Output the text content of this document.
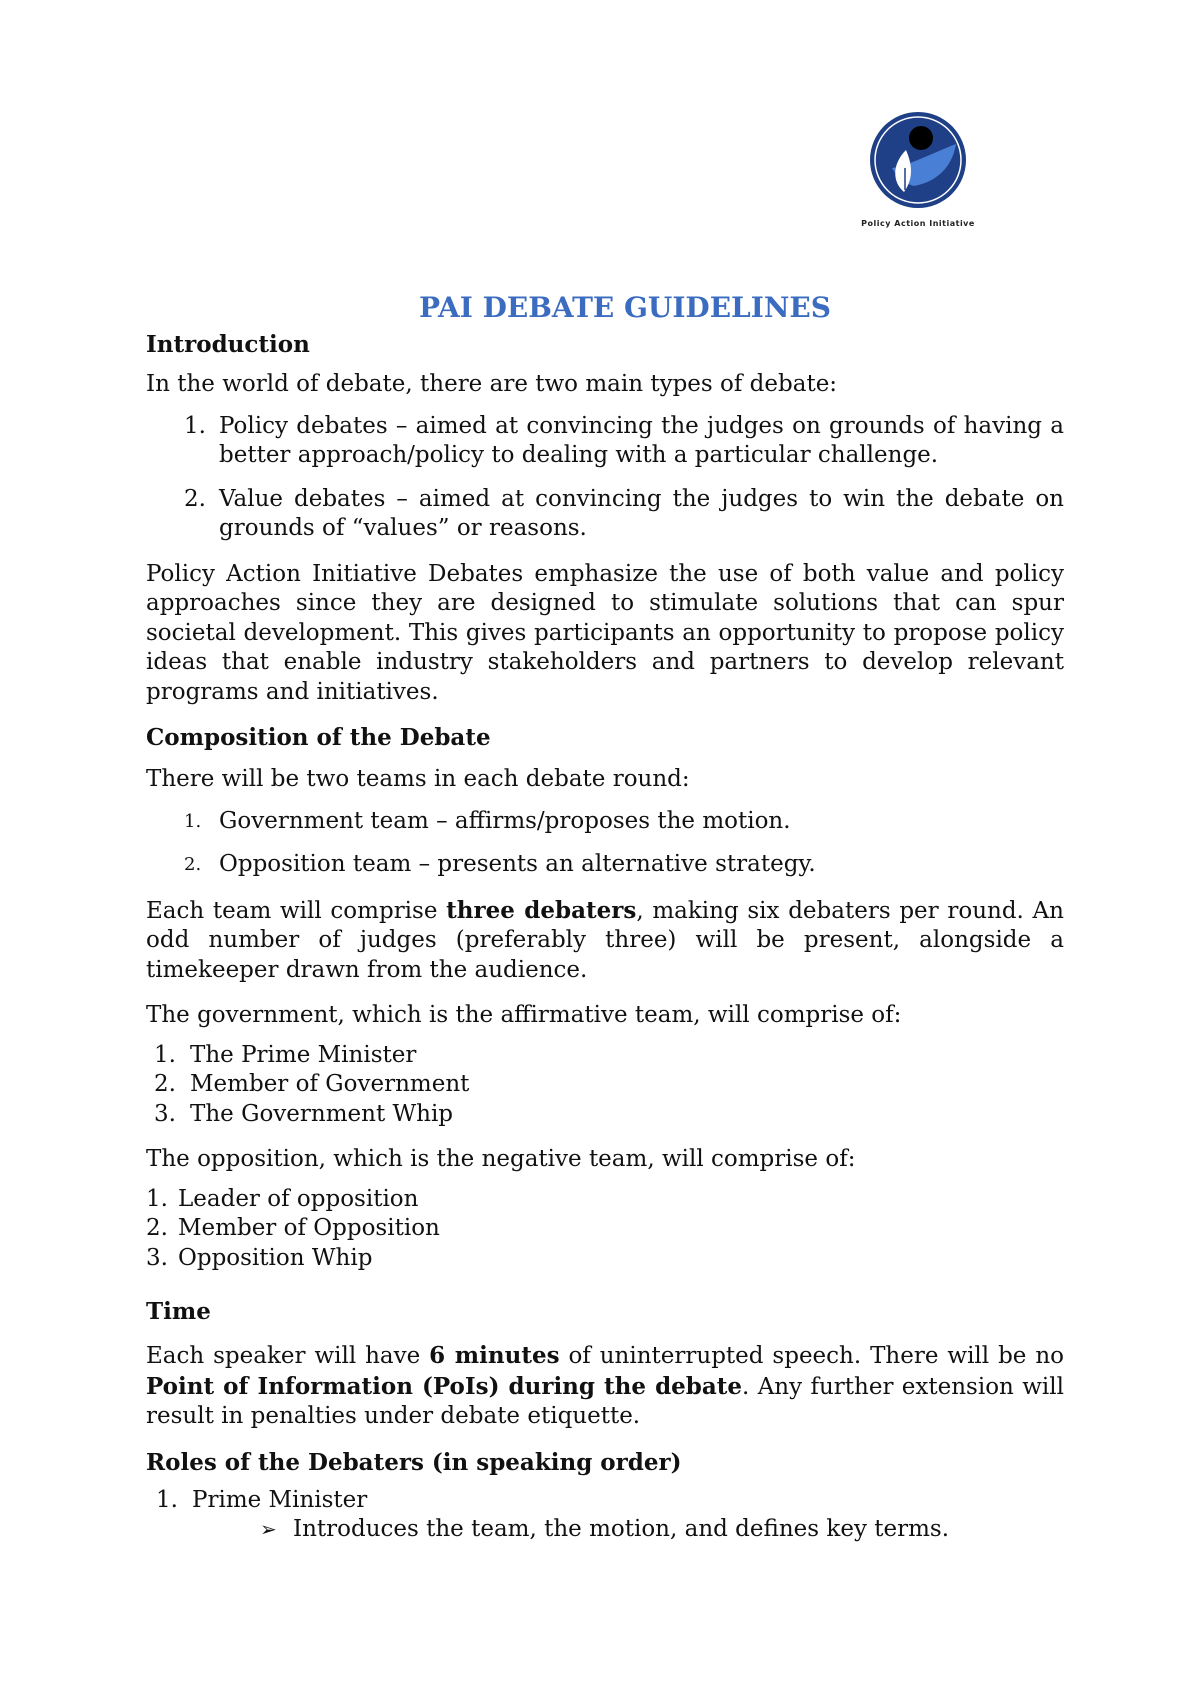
Policy Action Initiative
PAI DEBATE GUIDELINES
Introduction

In the world of debate, there are two main types of debate:

1. Policy debates – aimed at convincing the judges on grounds of having a better approach/policy to dealing with a particular challenge.
2. Value debates – aimed at convincing the judges to win the debate on grounds of “values” or reasons.

Policy Action Initiative Debates emphasize the use of both value and policy approaches since they are designed to stimulate solutions that can spur societal development. This gives participants an opportunity to propose policy ideas that enable industry stakeholders and partners to develop relevant programs and initiatives.

Composition of the Debate

There will be two teams in each debate round:

1. Government team – affirms/proposes the motion.
2. Opposition team – presents an alternative strategy.

Each team will comprise three debaters, making six debaters per round. An odd number of judges (preferably three) will be present, alongside a timekeeper drawn from the audience.

The government, which is the affirmative team, will comprise of:

1. The Prime Minister
2. Member of Government
3. The Government Whip

The opposition, which is the negative team, will comprise of:

1. Leader of opposition
2. Member of Opposition
3. Opposition Whip
Time

Each speaker will have 6 minutes of uninterrupted speech. There will be no Point of Information (PoIs) during the debate. Any further extension will result in penalties under debate etiquette.

Roles of the Debaters (in speaking order)
1. Prime Minister
➢ Introduces the team, the motion, and defines key terms.
